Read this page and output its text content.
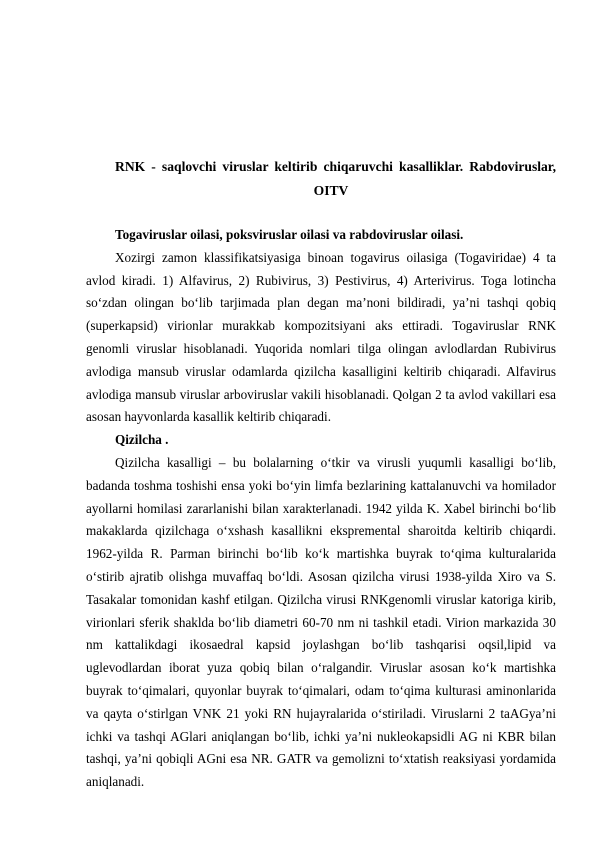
RNK - saqlovchi viruslar keltirib chiqaruvchi kasalliklar. Rabdoviruslar,
OITV

Togaviruslar oilasi, poksviruslar oilasi va rabdoviruslar oilasi.

Xozirgi zamon klassifikatsiyasiga binoan togavirus oilasiga (Togaviridae) 4 ta avlod kiradi. 1) Alfavirus, 2) Rubivirus, 3) Pestivirus, 4) Arterivirus. Toga lotincha so‘zdan olingan bo‘lib tarjimada plan degan ma’noni bildiradi, ya’ni tashqi qobiq (superkapsid) virionlar murakkab kompozitsiyani aks ettiradi. Togaviruslar RNK genomli viruslar hisoblanadi. Yuqorida nomlari tilga olingan avlodlardan Rubivirus avlodiga mansub viruslar odamlarda qizilcha kasalligini keltirib chiqaradi. Alfavirus avlodiga mansub viruslar arboviruslar vakili hisoblanadi. Qolgan 2 ta avlod vakillari esa asosan hayvonlarda kasallik keltirib chiqaradi.

Qizilcha .

Qizilcha kasalligi – bu bolalarning o‘tkir va virusli yuqumli kasalligi bo‘lib, badanda toshma toshishi ensa yoki bo‘yin limfa bezlarining kattalanuvchi va homilador ayollarni homilasi zararlanishi bilan xarakterlanadi. 1942 yilda K. Xabel birinchi bo‘lib makaklarda qizilchaga o‘xshash kasallikni ekspremental sharoitda keltirib chiqardi. 1962-yilda R. Parman birinchi bo‘lib ko‘k martishka buyrak to‘qima kulturalarida o‘stirib ajratib olishga muvaffaq bo‘ldi. Asosan qizilcha virusi 1938-yilda Xiro va S. Tasakalar tomonidan kashf etilgan. Qizilcha virusi RNKgenomli viruslar katoriga kirib, virionlari sferik shaklda bo‘lib diametri 60-70 nm ni tashkil etadi. Virion markazida 30 nm kattalikdagi ikosaedral kapsid joylashgan bo‘lib tashqarisi oqsil,lipid va uglevodlardan iborat yuza qobiq bilan o‘ralgandir. Viruslar asosan ko‘k martishka buyrak to‘qimalari, quyonlar buyrak to‘qimalari, odam to‘qima kulturasi aminonlarida va qayta o‘stirlgan VNK 21 yoki RN hujayralarida o‘stiriladi. Viruslarni 2 taAGya’ni ichki va tashqi AGlari aniqlangan bo‘lib, ichki ya’ni nukleokapsidli AG ni KBR bilan tashqi, ya’ni qobiqli AGni esa NR. GATR va gemolizni to‘xtatish reaksiyasi yordamida aniqlanadi.
